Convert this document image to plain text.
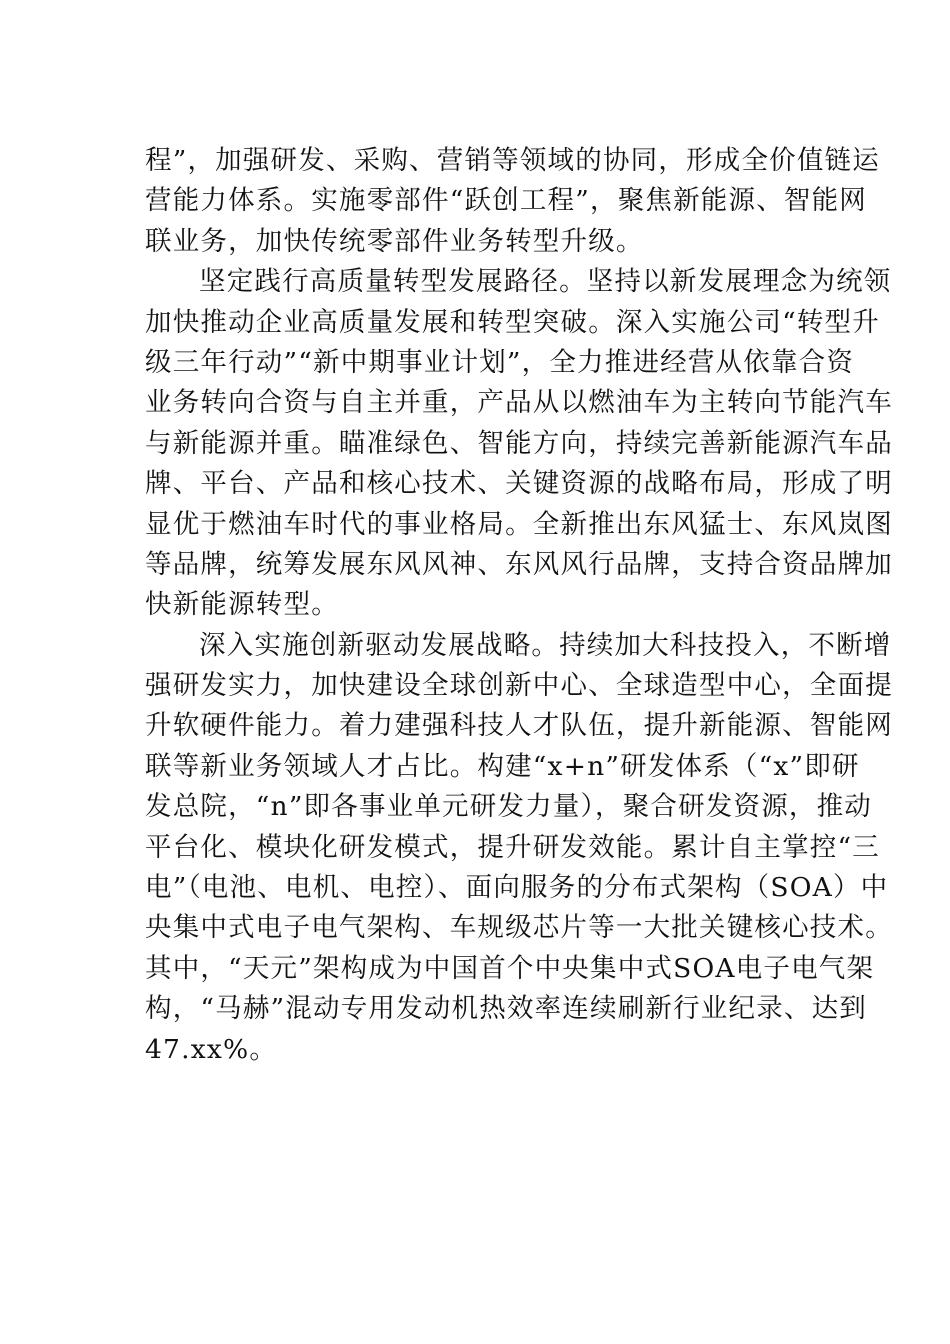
程”，加强研发、采购、营销等领域的协同，形成全价值链运
营能力体系。实施零部件“跃创工程”，聚焦新能源、智能网
联业务，加快传统零部件业务转型升级。
坚定践行高质量转型发展路径。坚持以新发展理念为统领
加快推动企业高质量发展和转型突破。深入实施公司“转型升
级三年行动”“新中期事业计划”，全力推进经营从依靠合资
业务转向合资与自主并重，产品从以燃油车为主转向节能汽车
与新能源并重。瞄准绿色、智能方向，持续完善新能源汽车品
牌、平台、产品和核心技术、关键资源的战略布局，形成了明
显优于燃油车时代的事业格局。全新推出东风猛士、东风岚图
等品牌，统筹发展东风风神、东风风行品牌，支持合资品牌加
快新能源转型。
深入实施创新驱动发展战略。持续加大科技投入，不断增
强研发实力，加快建设全球创新中心、全球造型中心，全面提
升软硬件能力。着力建强科技人才队伍，提升新能源、智能网
联等新业务领域人才占比。构建“x+n”研发体系（“x”即研
发总院，“n”即各事业单元研发力量），聚合研发资源，推动
平台化、模块化研发模式，提升研发效能。累计自主掌控“三
电”（电池、电机、电控）、面向服务的分布式架构（SOA）中
央集中式电子电气架构、车规级芯片等一大批关键核心技术。
其中，“天元”架构成为中国首个中央集中式SOA电子电气架
构，“马赫”混动专用发动机热效率连续刷新行业纪录、达到
47.xx%。
